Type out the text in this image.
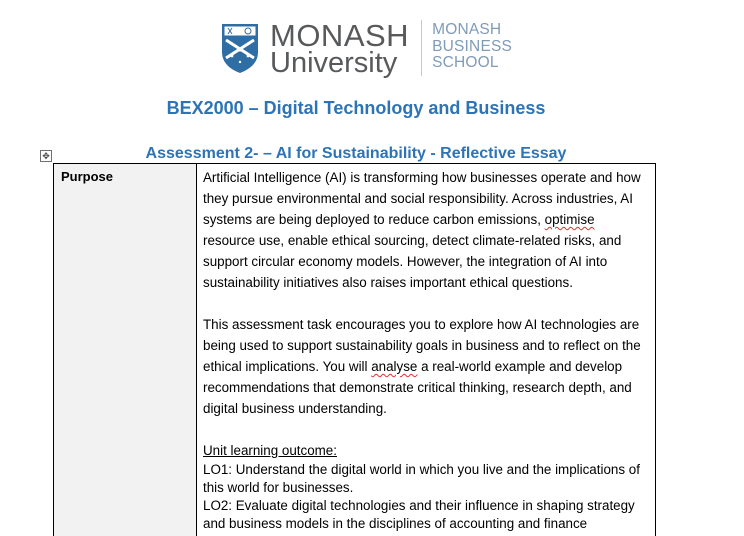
MONASH
University
MONASH
BUSINESS
SCHOOL
BEX2000 – Digital Technology and Business
✥	Assessment 2- – AI for Sustainability - Reflective Essay
Purpose	Artificial Intelligence (AI) is transforming how businesses operate and how they pursue environmental and social responsibility. Across industries, AI systems are being deployed to reduce carbon emissions, optimise resource use, enable ethical sourcing, detect climate-related risks, and support circular economy models. However, the integration of AI into sustainability initiatives also raises important ethical questions.

This assessment task encourages you to explore how AI technologies are being used to support sustainability goals in business and to reflect on the ethical implications. You will analyse a real-world example and develop recommendations that demonstrate critical thinking, research depth, and digital business understanding.

Unit learning outcome:

LO1: Understand the digital world in which you live and the implications of this world for businesses.

LO2: Evaluate digital technologies and their influence in shaping strategy and business models in the disciplines of accounting and finance
